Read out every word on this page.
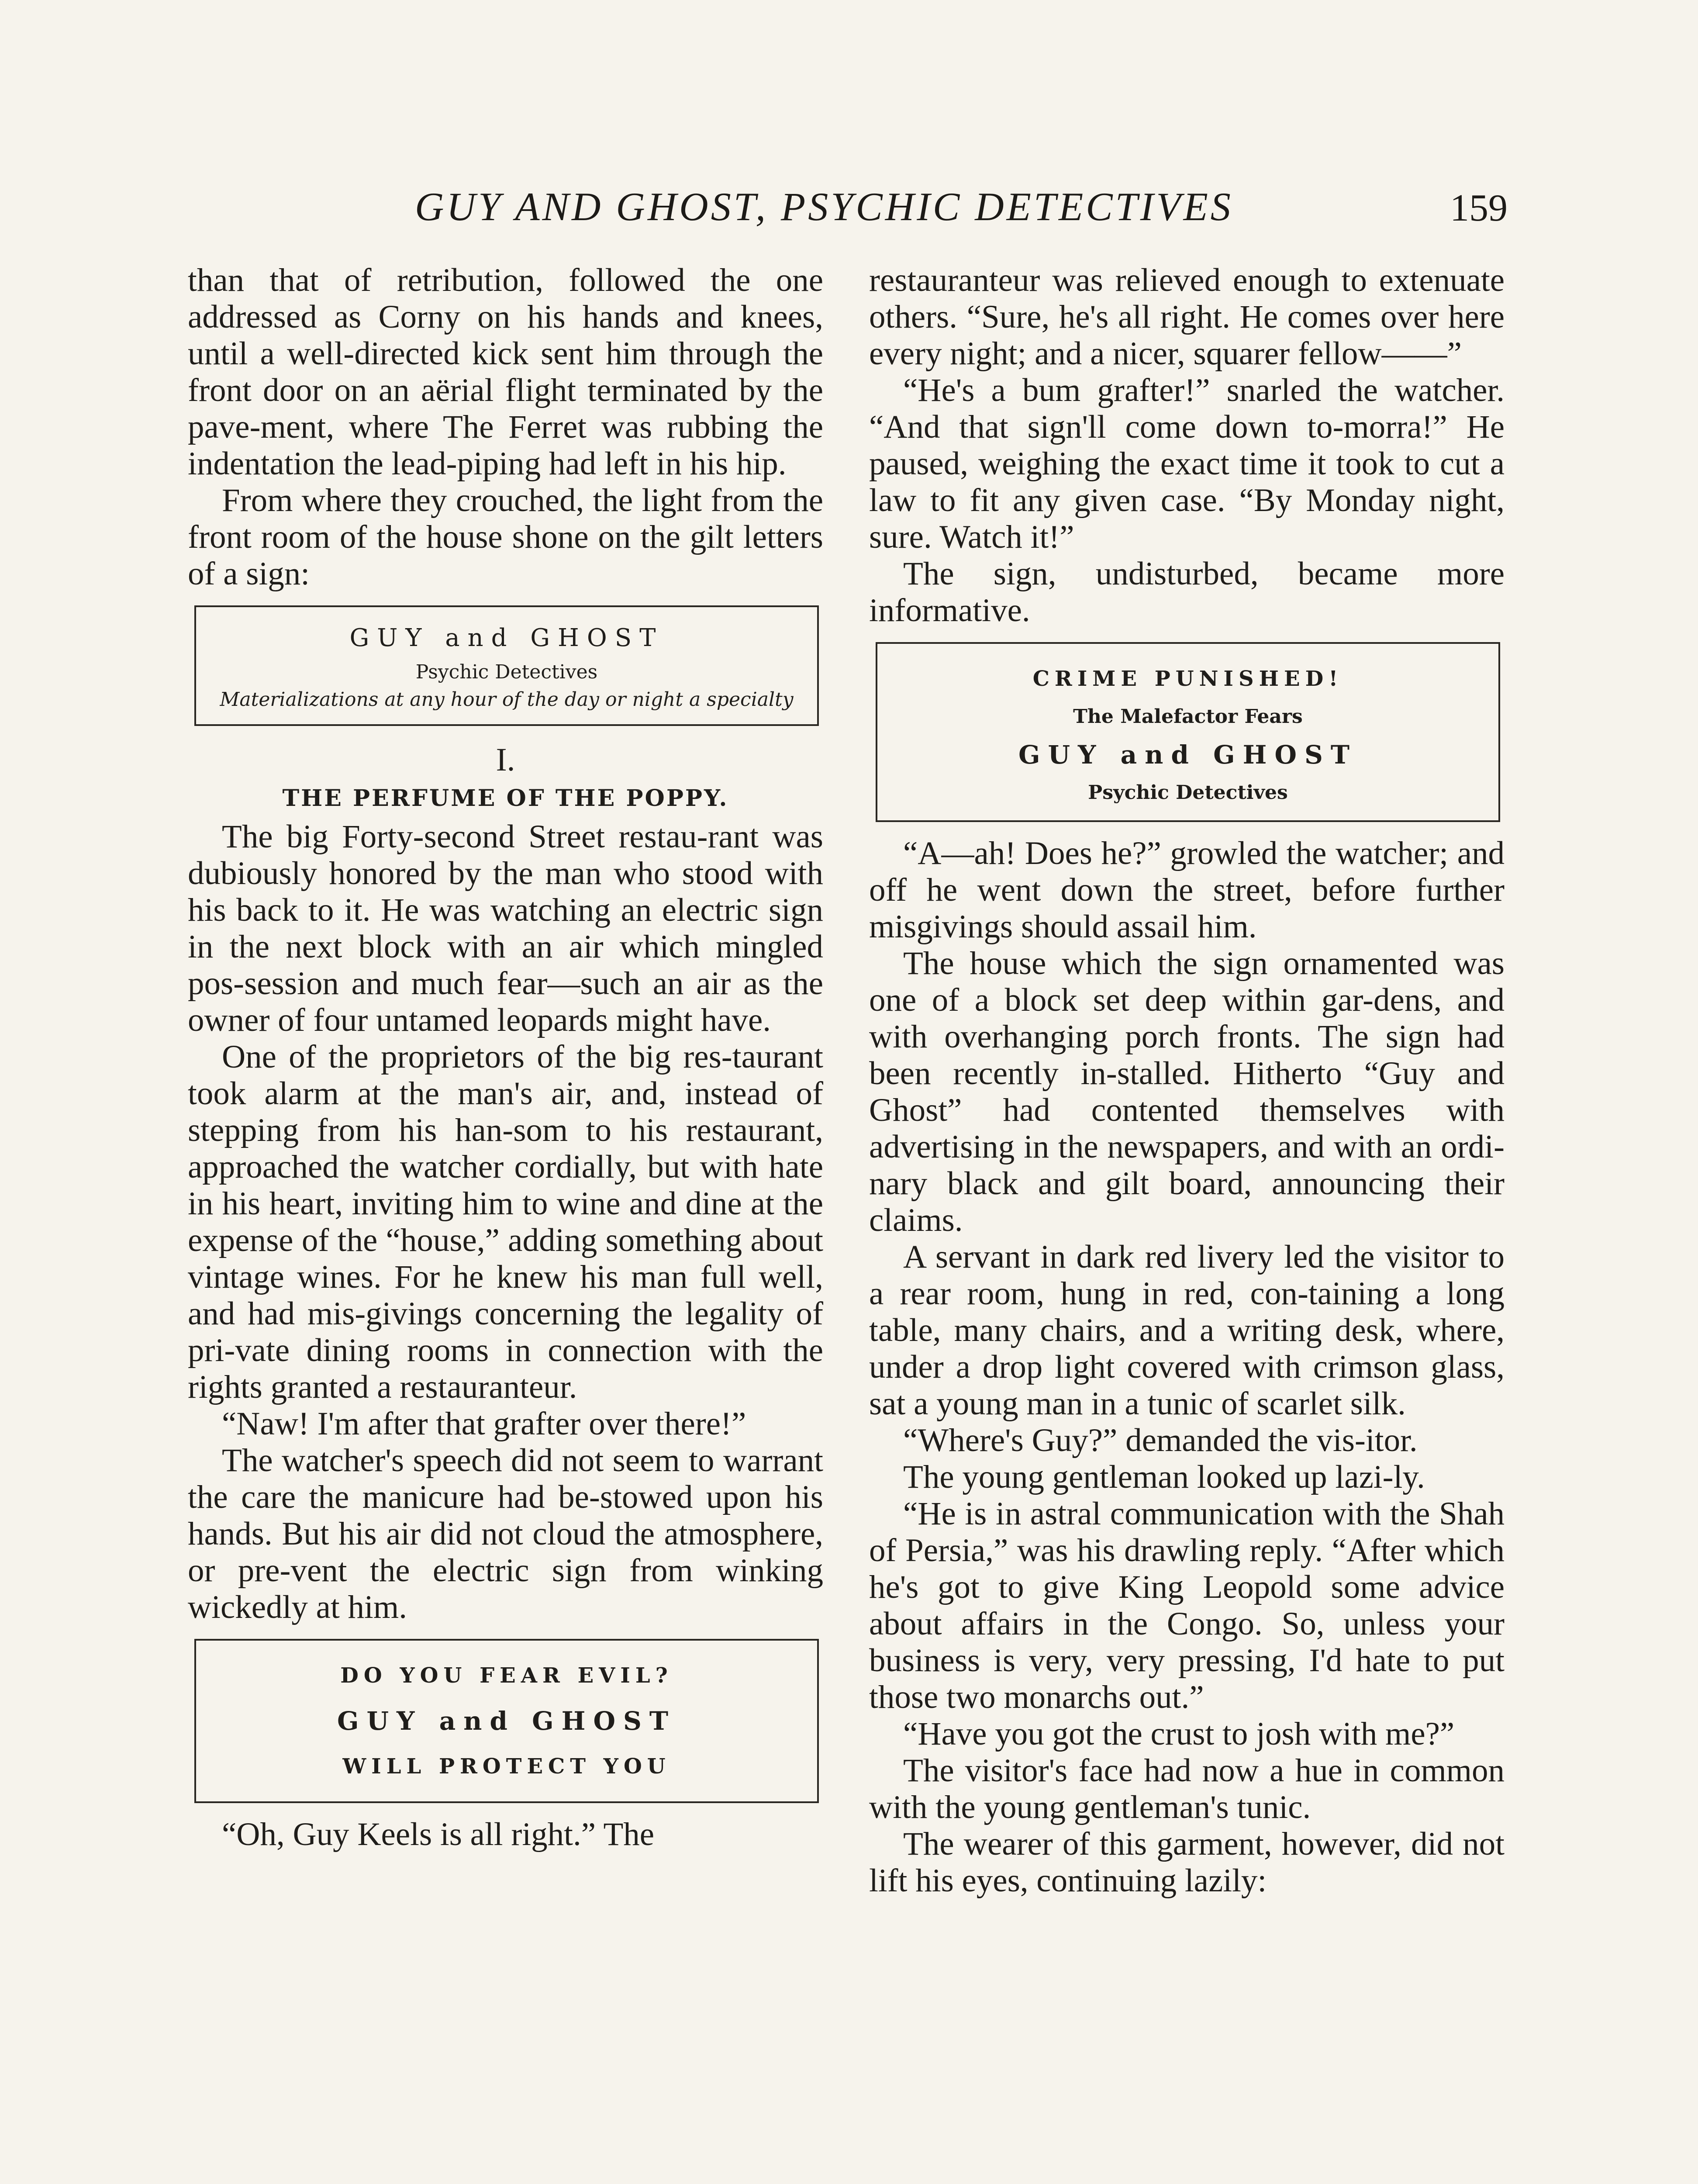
GUY AND GHOST, PSYCHIC DETECTIVES	159

than that of retribution, followed the one addressed as Corny on his hands and knees, until a well-directed kick sent him through the front door on an aërial flight terminated by the pave-ment, where The Ferret was rubbing the indentation the lead-piping had left in his hip.

From where they crouched, the light from the front room of the house shone on the gilt letters of a sign:

GUY and GHOST
Psychic Detectives
Materializations at any hour of the day or night a specialty
I.
THE PERFUME OF THE POPPY.

The big Forty-second Street restau-rant was dubiously honored by the man who stood with his back to it. He was watching an electric sign in the next block with an air which mingled pos-session and much fear—such an air as the owner of four untamed leopards might have.

One of the proprietors of the big res-taurant took alarm at the man's air, and, instead of stepping from his han-som to his restaurant, approached the watcher cordially, but with hate in his heart, inviting him to wine and dine at the expense of the “house,” adding something about vintage wines. For he knew his man full well, and had mis-givings concerning the legality of pri-vate dining rooms in connection with the rights granted a restauranteur.

“Naw! I'm after that grafter over there!”

The watcher's speech did not seem to warrant the care the manicure had be-stowed upon his hands. But his air did not cloud the atmosphere, or pre-vent the electric sign from winking wickedly at him.

DO YOU FEAR EVIL?
GUY and GHOST
WILL PROTECT YOU

“Oh, Guy Keels is all right.” The

restauranteur was relieved enough to extenuate others. “Sure, he's all right. He comes over here every night; and a nicer, squarer fellow——”

“He's a bum grafter!” snarled the watcher. “And that sign'll come down to-morra!” He paused, weighing the exact time it took to cut a law to fit any given case. “By Monday night, sure. Watch it!”

The sign, undisturbed, became more informative.

CRIME PUNISHED!
The Malefactor Fears
GUY and GHOST
Psychic Detectives

“A—ah! Does he?” growled the watcher; and off he went down the street, before further misgivings should assail him.

The house which the sign ornamented was one of a block set deep within gar-dens, and with overhanging porch fronts. The sign had been recently in-stalled. Hitherto “Guy and Ghost” had contented themselves with advertising in the newspapers, and with an ordi-nary black and gilt board, announcing their claims.

A servant in dark red livery led the visitor to a rear room, hung in red, con-taining a long table, many chairs, and a writing desk, where, under a drop light covered with crimson glass, sat a young man in a tunic of scarlet silk.

“Where's Guy?” demanded the vis-itor.

The young gentleman looked up lazi-ly.

“He is in astral communication with the Shah of Persia,” was his drawling reply. “After which he's got to give King Leopold some advice about affairs in the Congo. So, unless your business is very, very pressing, I'd hate to put those two monarchs out.”

“Have you got the crust to josh with me?”

The visitor's face had now a hue in common with the young gentleman's tunic.

The wearer of this garment, however, did not lift his eyes, continuing lazily:
